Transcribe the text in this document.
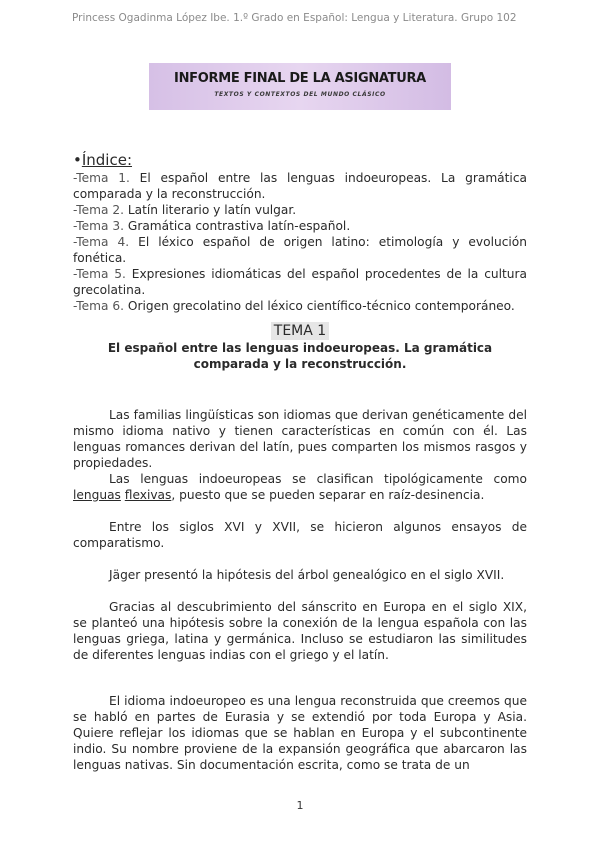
Princess Ogadinma López Ibe. 1.º Grado en Español: Lengua y Literatura. Grupo 102
INFORME FINAL DE LA ASIGNATURA
TEXTOS Y CONTEXTOS DEL MUNDO CLÁSICO
•Índice:
-Tema 1. El español entre las lenguas indoeuropeas. La gramática comparada y la reconstrucción.
-Tema 2. Latín literario y latín vulgar.
-Tema 3. Gramática contrastiva latín-español.
-Tema 4. El léxico español de origen latino: etimología y evolución fonética.
-Tema 5. Expresiones idiomáticas del español procedentes de la cultura grecolatina.
-Tema 6. Origen grecolatino del léxico científico-técnico contemporáneo.
TEMA 1
El español entre las lenguas indoeuropeas. La gramática comparada y la reconstrucción.

Las familias lingüísticas son idiomas que derivan genéticamente del mismo idioma nativo y tienen características en común con él. Las lenguas romances derivan del latín, pues comparten los mismos rasgos y propiedades.

Las lenguas indoeuropeas se clasifican tipológicamente como lenguas flexivas, puesto que se pueden separar en raíz-desinencia.

Entre los siglos XVI y XVII, se hicieron algunos ensayos de comparatismo.

Jäger presentó la hipótesis del árbol genealógico en el siglo XVII.

Gracias al descubrimiento del sánscrito en Europa en el siglo XIX, se planteó una hipótesis sobre la conexión de la lengua española con las lenguas griega, latina y germánica. Incluso se estudiaron las similitudes de diferentes lenguas indias con el griego y el latín.

El idioma indoeuropeo es una lengua reconstruida que creemos que se habló en partes de Eurasia y se extendió por toda Europa y Asia. Quiere reflejar los idiomas que se hablan en Europa y el subcontinente indio. Su nombre proviene de la expansión geográfica que abarcaron las lenguas nativas. Sin documentación escrita, como se trata de un

1
